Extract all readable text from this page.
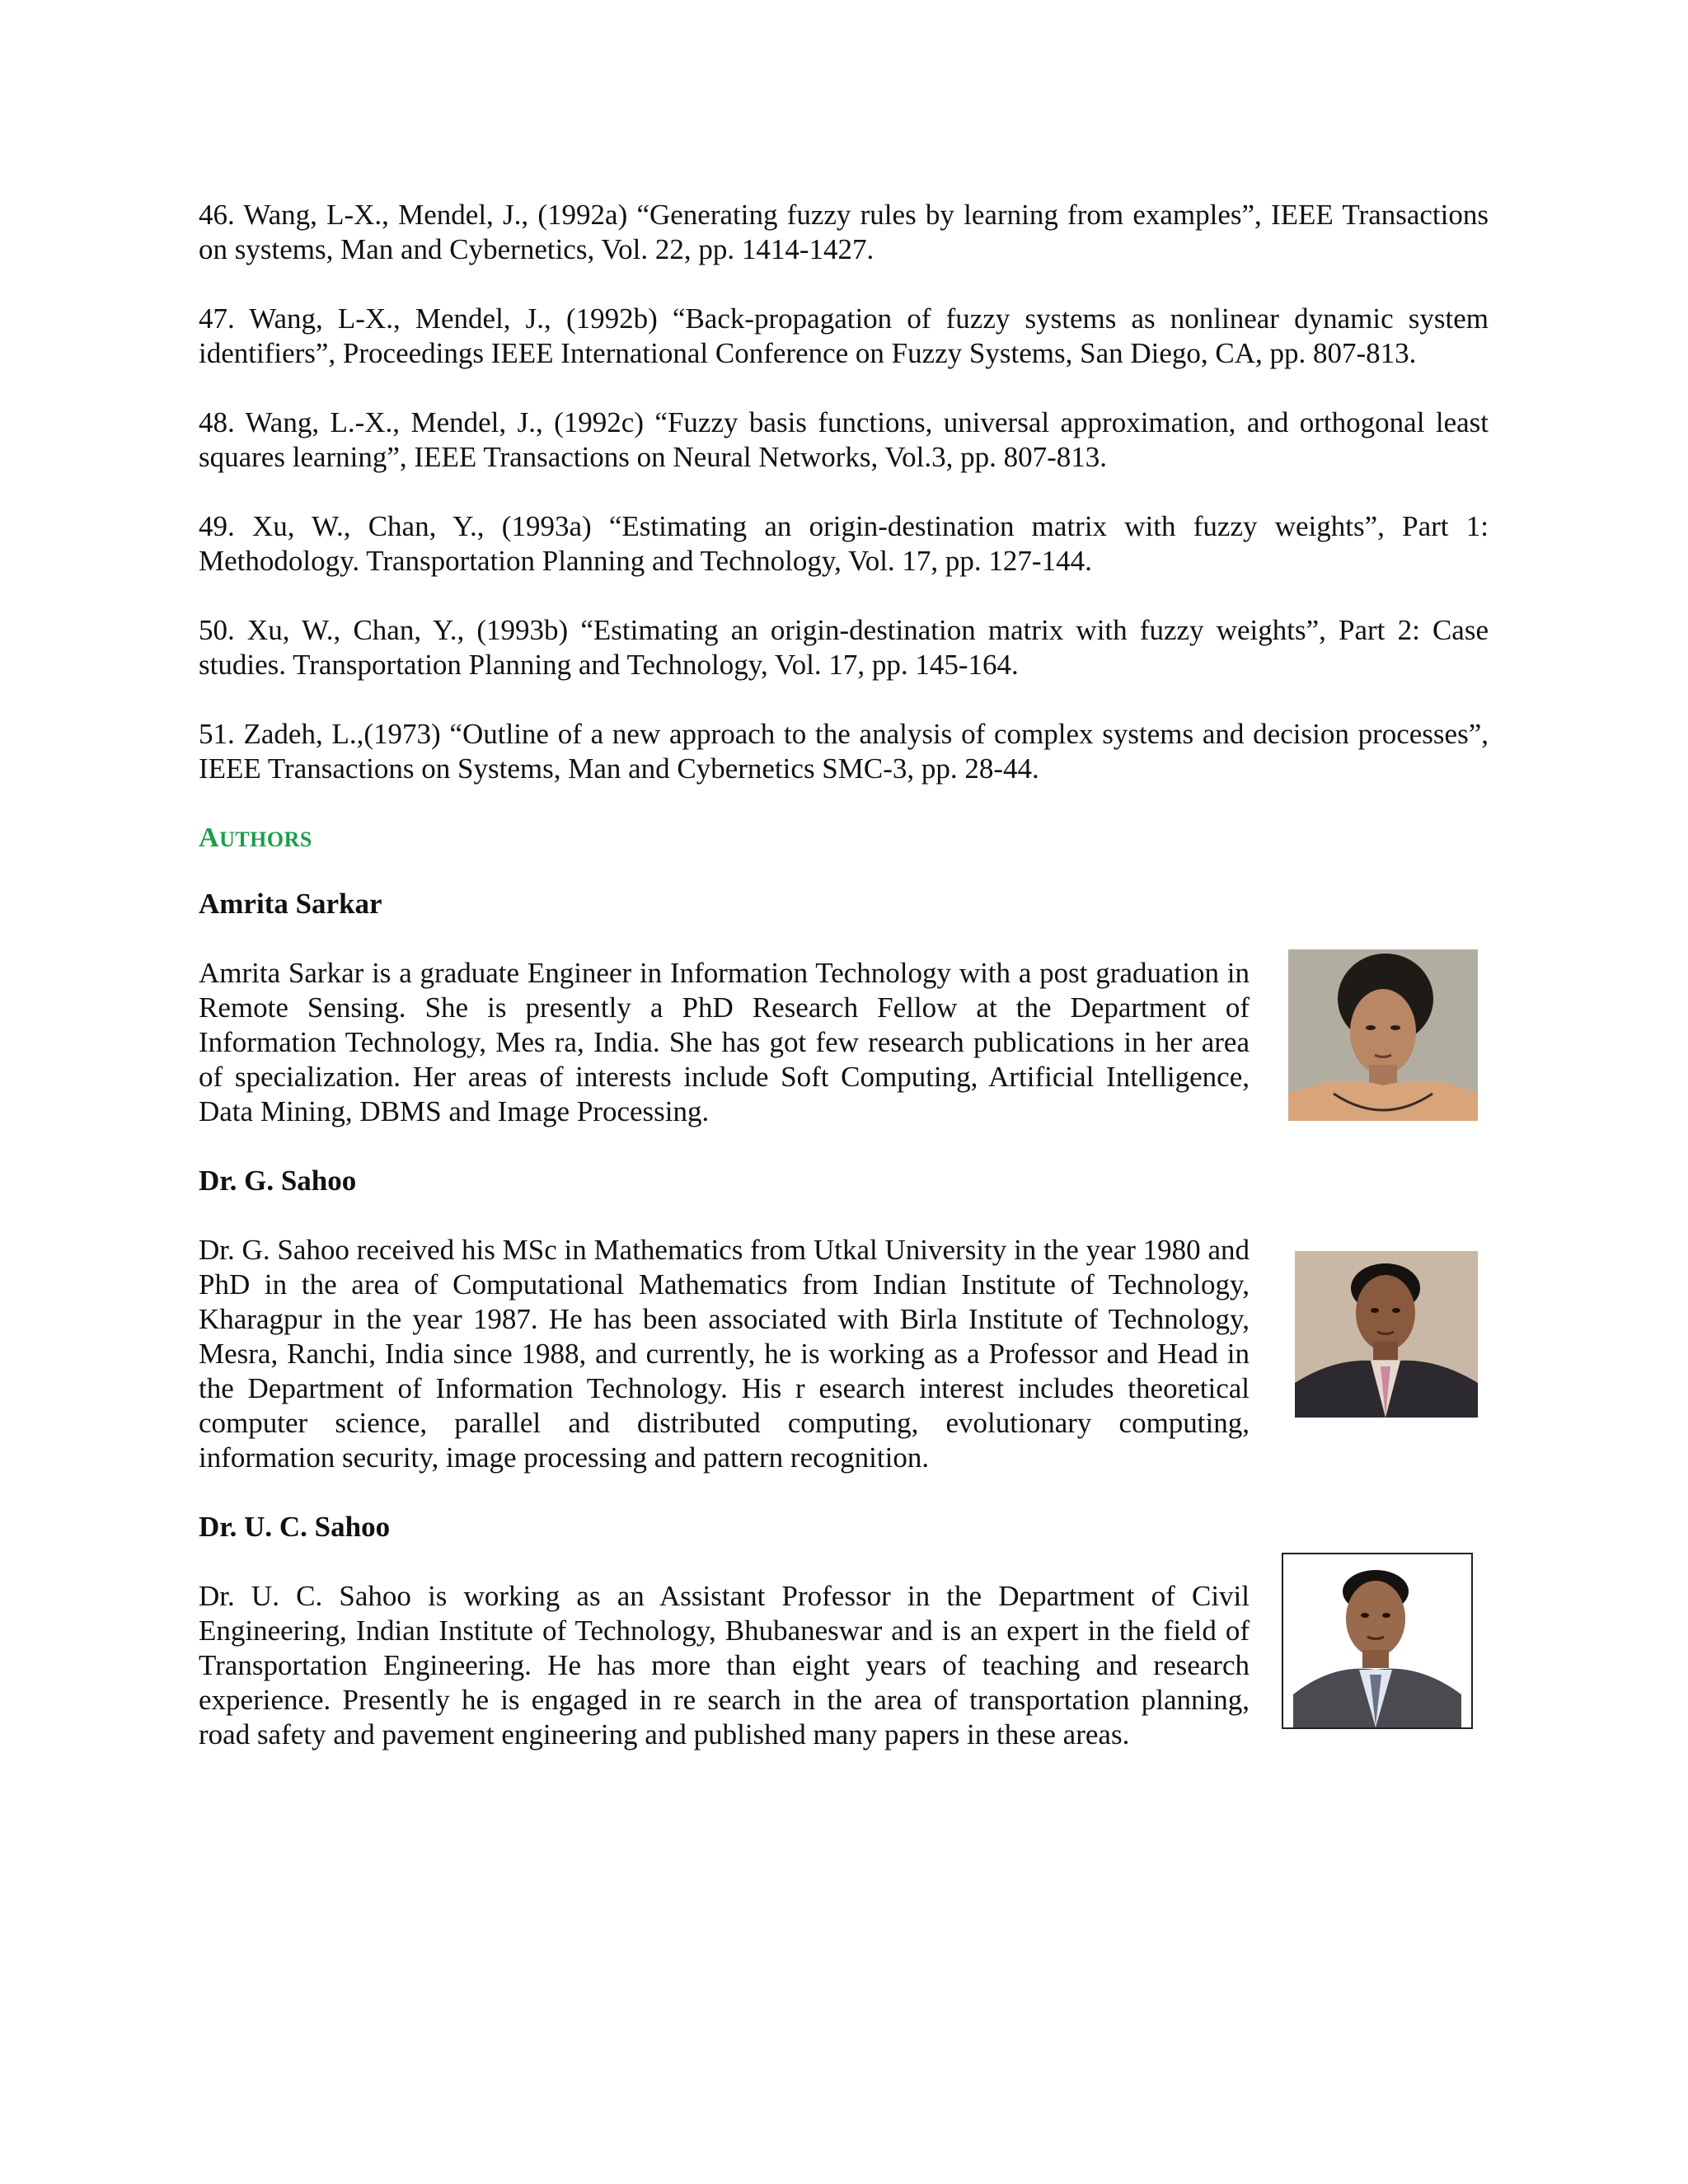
46. Wang, L-X., Mendel, J., (1992a) “Generating fuzzy rules by learning from examples”, IEEE Transactions on systems, Man and Cybernetics, Vol. 22, pp. 1414-1427.

47. Wang, L-X., Mendel, J., (1992b) “Back-propagation of fuzzy systems as nonlinear dynamic system identifiers”, Proceedings IEEE International Conference on Fuzzy Systems, San Diego, CA, pp. 807-813.

48. Wang, L.-X., Mendel, J., (1992c) “Fuzzy basis functions, universal approximation, and orthogonal least squares learning”, IEEE Transactions on Neural Networks, Vol.3, pp. 807-813.

49. Xu, W., Chan, Y., (1993a) “Estimating an origin-destination matrix with fuzzy weights”, Part 1: Methodology. Transportation Planning and Technology, Vol. 17, pp. 127-144.

50. Xu, W., Chan, Y., (1993b) “Estimating an origin-destination matrix with fuzzy weights”, Part 2: Case studies. Transportation Planning and Technology, Vol. 17, pp. 145-164.

51. Zadeh, L.,(1973) “Outline of a new approach to the analysis of complex systems and decision processes”, IEEE Transactions on Systems, Man and Cybernetics SMC-3, pp. 28-44.

AUTHORS
Amrita Sarkar

Amrita Sarkar is a graduate Engineer in Information Technology with a post graduation in Remote Sensing. She is presently a PhD Research Fellow at the Department of Information Technology, Mes ra, India. She has got few research publications in her area of specialization. Her areas of interests include Soft Computing, Artificial Intelligence, Data Mining, DBMS and Image Processing.

Dr. G. Sahoo

Dr. G. Sahoo received his MSc in Mathematics from Utkal University in the year 1980 and PhD in the area of Computational Mathematics from Indian Institute of Technology, Kharagpur in the year 1987. He has been associated with Birla Institute of Technology, Mesra, Ranchi, India since 1988, and currently, he is working as a Professor and Head in the Department of Information Technology. His r esearch interest includes theoretical computer science, parallel and distributed computing, evolutionary computing, information security, image processing and pattern recognition.

Dr. U. C. Sahoo

Dr. U. C. Sahoo is working as an Assistant Professor in the Department of Civil Engineering, Indian Institute of Technology, Bhubaneswar and is an expert in the field of Transportation Engineering. He has more than eight years of teaching and research experience. Presently he is engaged in re search in the area of transportation planning, road safety and pavement engineering and published many papers in these areas.
